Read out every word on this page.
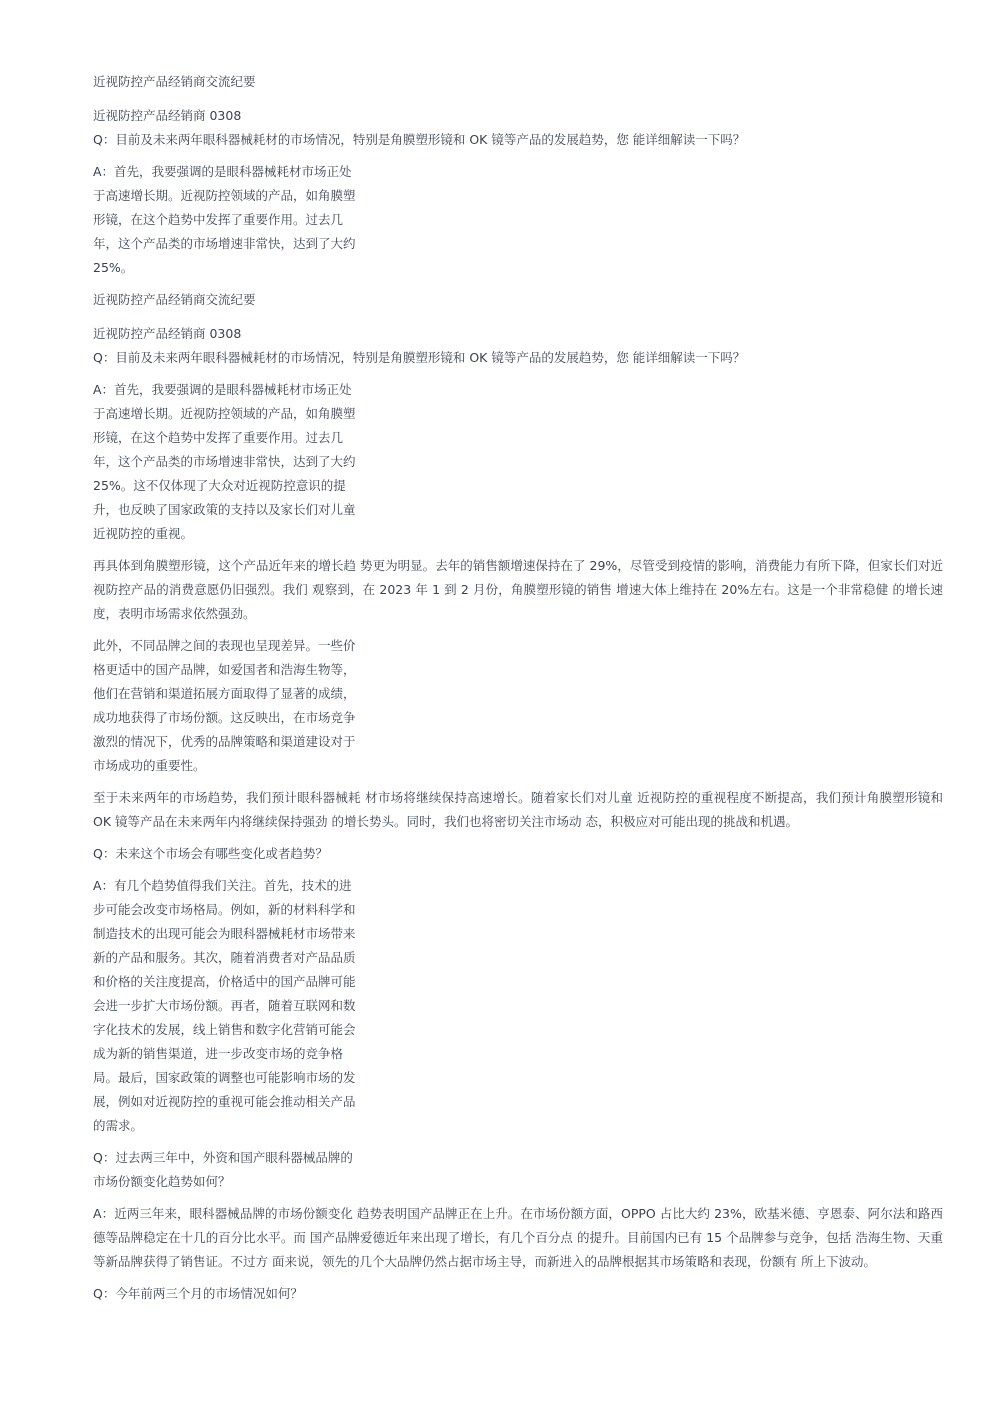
近视防控产品经销商交流纪要

近视防控产品经销商 0308

Q：目前及未来两年眼科器械耗材的市场情况，特别是角膜塑形镜和 OK 镜等产品的发展趋势，您 能详细解读一下吗？

A：首先，我要强调的是眼科器械耗材市场正处
于高速增长期。近视防控领域的产品，如角膜塑
形镜，在这个趋势中发挥了重要作用。过去几
年，这个产品类的市场增速非常快，达到了大约
25%。

近视防控产品经销商交流纪要

近视防控产品经销商 0308

Q：目前及未来两年眼科器械耗材的市场情况，特别是角膜塑形镜和 OK 镜等产品的发展趋势，您 能详细解读一下吗？

A：首先，我要强调的是眼科器械耗材市场正处
于高速增长期。近视防控领域的产品，如角膜塑
形镜，在这个趋势中发挥了重要作用。过去几
年，这个产品类的市场增速非常快，达到了大约
25%。这不仅体现了大众对近视防控意识的提
升，也反映了国家政策的支持以及家长们对儿童
近视防控的重视。

再具体到角膜塑形镜，这个产品近年来的增长趋 势更为明显。去年的销售额增速保持在了 29%，尽管受到疫情的影响，消费能力有所下降，但家长们对近视防控产品的消费意愿仍旧强烈。我们 观察到，在 2023 年 1 到 2 月份，角膜塑形镜的销售 增速大体上维持在 20%左右。这是一个非常稳健 的增长速度，表明市场需求依然强劲。

此外，不同品牌之间的表现也呈现差异。一些价
格更适中的国产品牌，如爱国者和浩海生物等，
他们在营销和渠道拓展方面取得了显著的成绩，
成功地获得了市场份额。这反映出，在市场竞争
激烈的情况下，优秀的品牌策略和渠道建设对于
市场成功的重要性。

至于未来两年的市场趋势，我们预计眼科器械耗 材市场将继续保持高速增长。随着家长们对儿童 近视防控的重视程度不断提高，我们预计角膜塑形镜和 OK 镜等产品在未来两年内将继续保持强劲 的增长势头。同时，我们也将密切关注市场动 态，积极应对可能出现的挑战和机遇。

Q：未来这个市场会有哪些变化或者趋势？

A：有几个趋势值得我们关注。首先，技术的进
步可能会改变市场格局。例如，新的材料科学和
制造技术的出现可能会为眼科器械耗材市场带来
新的产品和服务。其次，随着消费者对产品品质
和价格的关注度提高，价格适中的国产品牌可能
会进一步扩大市场份额。再者，随着互联网和数
字化技术的发展，线上销售和数字化营销可能会
成为新的销售渠道，进一步改变市场的竞争格
局。最后，国家政策的调整也可能影响市场的发
展，例如对近视防控的重视可能会推动相关产品
的需求。

Q：过去两三年中，外资和国产眼科器械品牌的
市场份额变化趋势如何？

A：近两三年来，眼科器械品牌的市场份额变化 趋势表明国产品牌正在上升。在市场份额方面，OPPO 占比大约 23%，欧基米德、亨恩泰、阿尔法和路西德等品牌稳定在十几的百分比水平。而 国产品牌爱德近年来出现了增长，有几个百分点 的提升。目前国内已有 15 个品牌参与竞争，包括 浩海生物、天重等新品牌获得了销售证。不过方 面来说，领先的几个大品牌仍然占据市场主导，而新进入的品牌根据其市场策略和表现，份额有 所上下波动。

Q：今年前两三个月的市场情况如何？
